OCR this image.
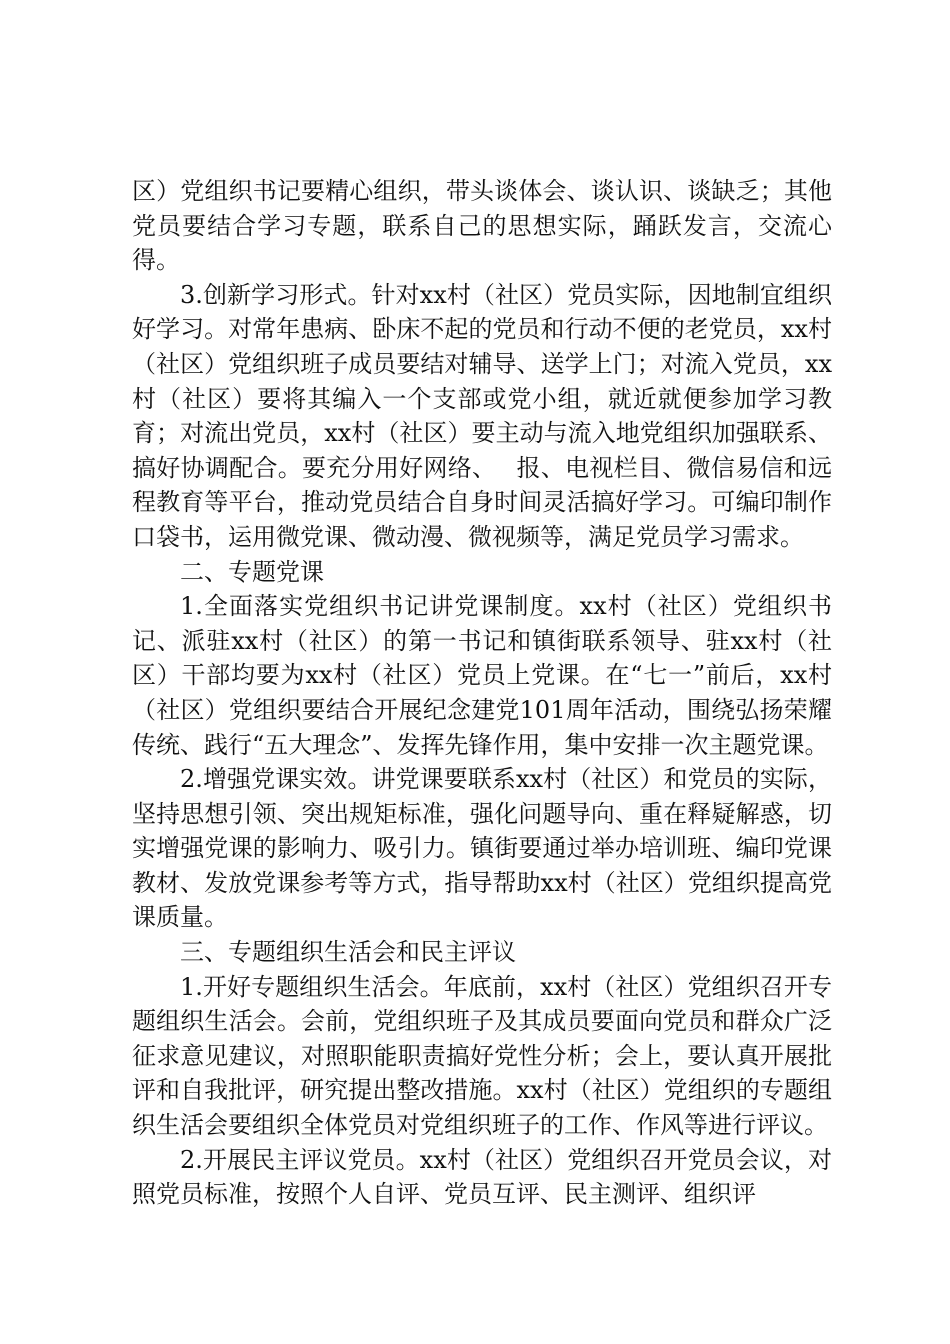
区）党组织书记要精心组织，带头谈体会、谈认识、谈缺乏；其他党员要结合学习专题，联系自己的思想实际，踊跃发言，交流心得。

3.创新学习形式。针对xx村（社区）党员实际，因地制宜组织好学习。对常年患病、卧床不起的党员和行动不便的老党员，xx村（社区）党组织班子成员要结对辅导、送学上门；对流入党员，xx村（社区）要将其编入一个支部或党小组，就近就便参加学习教育；对流出党员，xx村（社区）要主动与流入地党组织加强联系、搞好协调配合。要充分用好网络、　 报、电视栏目、微信易信和远程教育等平台，推动党员结合自身时间灵活搞好学习。可编印制作口袋书，运用微党课、微动漫、微视频等，满足党员学习需求。

二、专题党课

1.全面落实党组织书记讲党课制度。xx村（社区）党组织书记、派驻xx村（社区）的第一书记和镇街联系领导、驻xx村（社区）干部均要为xx村（社区）党员上党课。在“七一”前后，xx村（社区）党组织要结合开展纪念建党101周年活动，围绕弘扬荣耀传统、践行“五大理念”、发挥先锋作用，集中安排一次主题党课。

2.增强党课实效。讲党课要联系xx村（社区）和党员的实际，坚持思想引领、突出规矩标准，强化问题导向、重在释疑解惑，切实增强党课的影响力、吸引力。镇街要通过举办培训班、编印党课教材、发放党课参考等方式，指导帮助xx村（社区）党组织提高党课质量。

三、专题组织生活会和民主评议

1.开好专题组织生活会。年底前，xx村（社区）党组织召开专题组织生活会。会前，党组织班子及其成员要面向党员和群众广泛征求意见建议，对照职能职责搞好党性分析；会上，要认真开展批评和自我批评，研究提出整改措施。xx村（社区）党组织的专题组织生活会要组织全体党员对党组织班子的工作、作风等进行评议。

2.开展民主评议党员。xx村（社区）党组织召开党员会议，对照党员标准，按照个人自评、党员互评、民主测评、组织评
